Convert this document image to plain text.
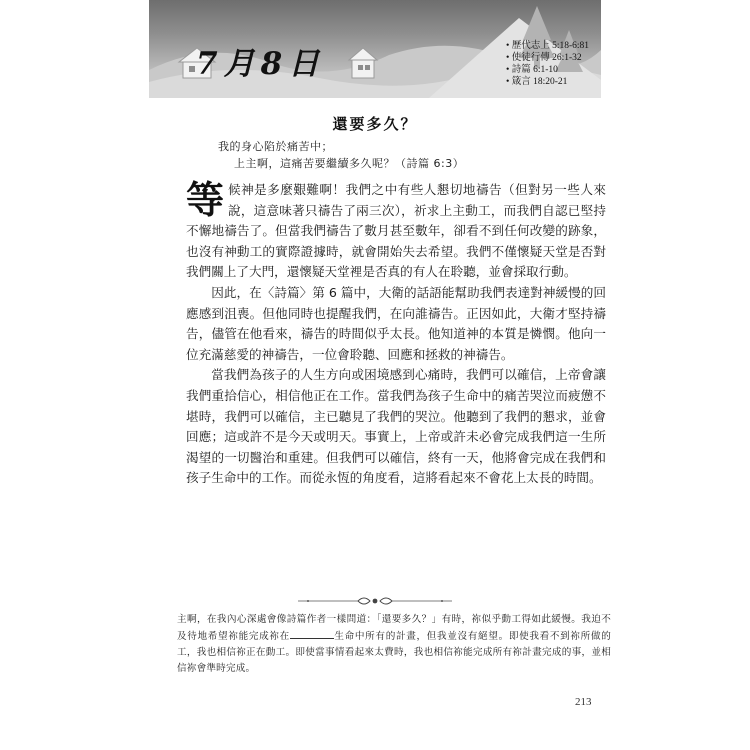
7月8日
•	歷代志上 5:18-6:81
• 使徒行傳 26:1-32
• 詩篇 6:1-10
• 箴言 18:20-21
還要多久？
我的身心陷於痛苦中；
上主啊，這痛苦要繼續多久呢？（詩篇 6:3）

等候神是多麼艱難啊！我們之中有些人懇切地禱告（但對另一些人來說，這意味著只禱告了兩三次），祈求上主動工，而我們自認已堅持不懈地禱告了。但當我們禱告了數月甚至數年，卻看不到任何改變的跡象，也沒有神動工的實際證據時，就會開始失去希望。我們不僅懷疑天堂是否對我們關上了大門，還懷疑天堂裡是否真的有人在聆聽，並會採取行動。

因此，在〈詩篇〉第 6 篇中，大衛的話語能幫助我們表達對神緩慢的回應感到沮喪。但他同時也提醒我們，在向誰禱告。正因如此，大衛才堅持禱告，儘管在他看來，禱告的時間似乎太長。他知道神的本質是憐憫。他向一位充滿慈愛的神禱告，一位會聆聽、回應和拯救的神禱告。

當我們為孩子的人生方向或困境感到心痛時，我們可以確信，上帝會讓我們重拾信心，相信他正在工作。當我們為孩子生命中的痛苦哭泣而疲憊不堪時，我們可以確信，主已聽見了我們的哭泣。他聽到了我們的懇求，並會回應；這或許不是今天或明天。事實上，上帝或許未必會完成我們這一生所渴望的一切醫治和重建。但我們可以確信，終有一天，他將會完成在我們和孩子生命中的工作。而從永恆的角度看，這將看起來不會花上太長的時間。

主啊，在我內心深處會像詩篇作者一樣問道：「還要多久？」有時，祢似乎動工得如此緩慢。我迫不及待地希望祢能完成祢在	生命中所有的計畫，但我並沒有絕望。即使我看不到祢所做的工，我也相信祢正在動工。即使當事情看起來太費時，我也相信祢能完成所有祢計畫完成的事，並相信祢會準時完成。
213
